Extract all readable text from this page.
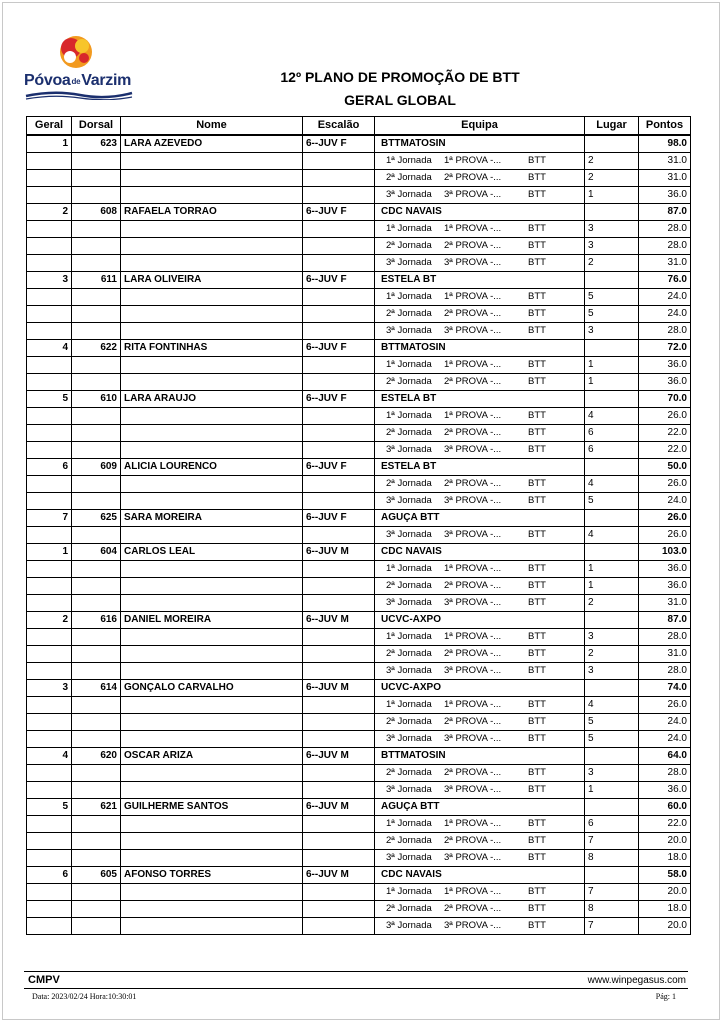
PóvoadeVarzim	12º PLANO DE PROMOÇÃO DE BTT
GERAL GLOBAL
Geral	Dorsal	Nome	Escalão	Equipa	Lugar	Pontos
1	623	LARA AZEVEDO	6--JUV F	BTTMATOSIN		98.0

				1ª Jornada 1ª PROVA -... BTT	2	31.0

				2ª Jornada 2ª PROVA -... BTT	2	31.0

				3ª Jornada 3ª PROVA -... BTT	1	36.0
2	608	RAFAELA TORRAO	6--JUV F	CDC NAVAIS		87.0

				1ª Jornada 1ª PROVA -... BTT	3	28.0

				2ª Jornada 2ª PROVA -... BTT	3	28.0

				3ª Jornada 3ª PROVA -... BTT	2	31.0
3	611	LARA OLIVEIRA	6--JUV F	ESTELA BT		76.0

				1ª Jornada 1ª PROVA -... BTT	5	24.0

				2ª Jornada 2ª PROVA -... BTT	5	24.0

				3ª Jornada 3ª PROVA -... BTT	3	28.0
4	622	RITA FONTINHAS	6--JUV F	BTTMATOSIN		72.0

				1ª Jornada 1ª PROVA -... BTT	1	36.0

				2ª Jornada 2ª PROVA -... BTT	1	36.0
5	610	LARA ARAUJO	6--JUV F	ESTELA BT		70.0

				1ª Jornada 1ª PROVA -... BTT	4	26.0

				2ª Jornada 2ª PROVA -... BTT	6	22.0

				3ª Jornada 3ª PROVA -... BTT	6	22.0
6	609	ALICIA LOURENCO	6--JUV F	ESTELA BT		50.0

				2ª Jornada 2ª PROVA -... BTT	4	26.0

				3ª Jornada 3ª PROVA -... BTT	5	24.0
7	625	SARA MOREIRA	6--JUV F	AGUÇA BTT		26.0

				3ª Jornada 3ª PROVA -... BTT	4	26.0
1	604	CARLOS LEAL	6--JUV M	CDC NAVAIS		103.0

				1ª Jornada 1ª PROVA -... BTT	1	36.0

				2ª Jornada 2ª PROVA -... BTT	1	36.0

				3ª Jornada 3ª PROVA -... BTT	2	31.0
2	616	DANIEL MOREIRA	6--JUV M	UCVC-AXPO		87.0

				1ª Jornada 1ª PROVA -... BTT	3	28.0

				2ª Jornada 2ª PROVA -... BTT	2	31.0

				3ª Jornada 3ª PROVA -... BTT	3	28.0
3	614	GONÇALO CARVALHO	6--JUV M	UCVC-AXPO		74.0

				1ª Jornada 1ª PROVA -... BTT	4	26.0

				2ª Jornada 2ª PROVA -... BTT	5	24.0

				3ª Jornada 3ª PROVA -... BTT	5	24.0
4	620	OSCAR ARIZA	6--JUV M	BTTMATOSIN		64.0

				2ª Jornada 2ª PROVA -... BTT	3	28.0

				3ª Jornada 3ª PROVA -... BTT	1	36.0
5	621	GUILHERME SANTOS	6--JUV M	AGUÇA BTT		60.0

				1ª Jornada 1ª PROVA -... BTT	6	22.0

				2ª Jornada 2ª PROVA -... BTT	7	20.0

				3ª Jornada 3ª PROVA -... BTT	8	18.0
6	605	AFONSO TORRES	6--JUV M	CDC NAVAIS		58.0

				1ª Jornada 1ª PROVA -... BTT	7	20.0

				2ª Jornada 2ª PROVA -... BTT	8	18.0

				3ª Jornada 3ª PROVA -... BTT	7	20.0
CMPV	www.winpegasus.com
Data: 2023/02/24 Hora:10:30:01	Pág: 1
